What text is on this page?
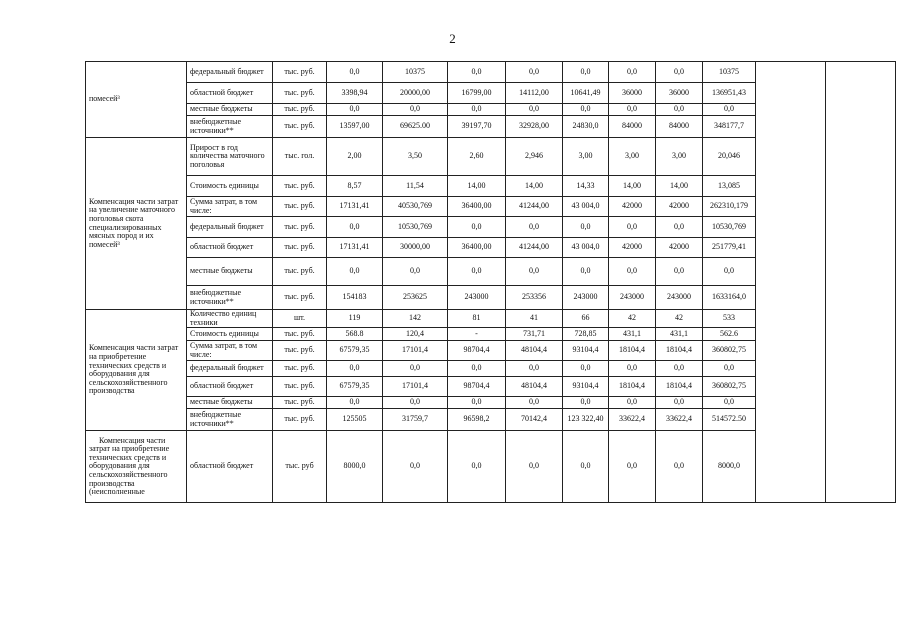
2
помесей³	федеральный бюджет	тыс. руб.	0,0	10375	0,0	0,0	0,0	0,0	0,0	10375		
	областной бюджет	тыс. руб.	3398,94	20000,00	16799,00	14112,00	10641,49	36000	36000	136951,43		
	местные бюджеты	тыс. руб.	0,0	0,0	0,0	0,0	0,0	0,0	0,0	0,0		
	внебюджетные источники**	тыс. руб.	13597,00	69625.00	39197,70	32928,00	24830,0	84000	84000	348177,7		
Компенсация части затрат на увеличение маточного поголовья скота специализированных мясных пород и их помесей³	Прирост в год количества маточного поголовья	тыс. гол.	2,00	3,50	2,60	2,946	3,00	3,00	3,00	20,046		
	Стоимость единицы	тыс. руб.	8,57	11,54	14,00	14,00	14,33	14,00	14,00	13,085		
	Сумма затрат, в том числе:	тыс. руб.	17131,41	40530,769	36400,00	41244,00	43 004,0	42000	42000	262310,179		
	федеральный бюджет	тыс. руб.	0,0	10530,769	0,0	0,0	0,0	0,0	0,0	10530,769		
	областной бюджет	тыс. руб.	17131,41	30000,00	36400,00	41244,00	43 004,0	42000	42000	251779,41		
	местные бюджеты	тыс. руб.	0,0	0,0	0,0	0,0	0,0	0,0	0,0	0,0		
	внебюджетные источники**	тыс. руб.	154183	253625	243000	253356	243000	243000	243000	1633164,0		
Компенсация части затрат на приобретение технических средств и оборудования для сельскохозяйственного производства	Количество единиц техники	шт.	119	142	81	41	66	42	42	533		
	Стоимость единицы	тыс. руб.	568.8	120,4	-	731,71	728,85	431,1	431,1	562.6		
	Сумма затрат, в том числе:	тыс. руб.	67579,35	17101,4	98704,4	48104,4	93104,4	18104,4	18104,4	360802,75		
	федеральный бюджет	тыс. руб.	0,0	0,0	0,0	0,0	0,0	0,0	0,0	0,0		
	областной бюджет	тыс. руб.	67579,35	17101,4	98704,4	48104,4	93104,4	18104,4	18104,4	360802,75		
	местные бюджеты	тыс. руб.	0,0	0,0	0,0	0,0	0,0	0,0	0,0	0,0		
	внебюджетные источники**	тыс. руб.	125505	31759,7	96598,2	70142,4	123 322,40	33622,4	33622,4	514572.50		
Компенсация части затрат на приобретение технических средств и оборудования для сельскохозяйственного производства (неисполненные	областной бюджет	тыс. руб	8000,0	0,0	0,0	0,0	0,0	0,0	0,0	8000,0		
